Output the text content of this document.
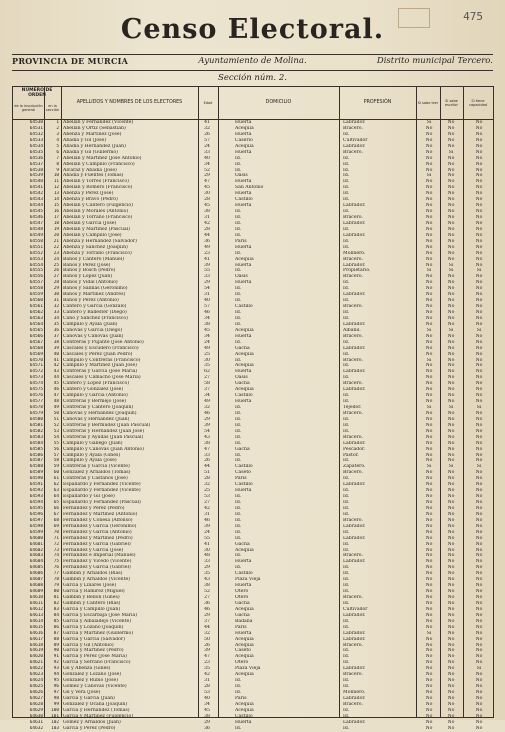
475
Censo Electoral.
PROVINCIA DE MURCIA	Ayuntamiento de Molina.	Distrito municipal Tercero.
Sección núm. 2.
NÚMERO DE ORDEN
de la inscripción general
en la sección
APELLIDOS Y NOMBRES DE LOS ELECTORES	Edad	DOMICILIO	PROFESIÓN	Si sabe leer
Si sabe escribir
Si tiene capacidad
64530	1 Abellán y Fernández (Vicente)	41	Huerta	Labrador.	Si	No	No
64531	2 Abellán y Ortiz (Sebastián)	32	Acequia	Bracero.	No	No	No
64532	3 Abenza y Martínez (José)	26	Huerta	Id.	No	No	No
64533	4 Abadía y Gil (José)	57	Caserío	Cultivador	No	No	No
64534	5 Abadía y Hernández (Juan)	24	Acequia	Labrador.	No	No	No
64535	6 Abadía y Gil (Gullermo)	33	Huerta	Bracero.	No	Si	No
64536	7 Abellán y Martínez (José Antonio)	40	Id.	Id.	No	No	No
64537	8 Abellán y Campillo (Francisco)	34	Id.	Id.	No	No	No
64538	9 Alcaraz y Abadía (José)	52	Id.	Id.	No	No	No
64539	10 Abadía y Fuentes (Tomás)	29	Oasis	Id.	Si	No	No
64540	11 Abellán y Torres (Francisco)	47	Huerta	Id.	No	No	No
64541	12 Abellán y Romero (Francisco)	45	San Antonio	Id.	No	No	No
64542	13 Abenza y Pérez (José)	30	Huerta	Id.	No	No	No
64543	14 Abenza y Bravo (Pedro)	28	Castillo	Id.	No	No	No
64544	15 Abellán y Cantero (Fulgencio)	45	Huerta	Labrador.	No	No	No
64545	16 Abellán y Morales (Antonio)	38	Id.	Id.	No	No	No
64546	17 Abellán y Torrano (Francisco)	31	Id.	Bracero.	No	No	No
64547	18 Abellán y García (José)	42	Id.	Labrador.	No	No	No
64548	19 Abellán y Martínez (Pascual)	28	Id.	Id.	No	No	No
64549	20 Abellán y Campillo (José)	44	Id.	Labrador.	No	No	No
64550	21 Abenza y Hernández (Salvador)	36	Paris	Id.	No	No	No
64551	22 Abenza y Sánchez (Joaquín)	49	Huerta	Id.	No	No	No
64552	23 Abenza y Torrano (Francisco)	23	Id.	Molinero.	No	No	No
64553	24 Baños y Cantero (Manuel)	41	Acequia	Bracero.	No	No	No
64554	25 Baños y Pérez (José)	39	Huerta	Labrador.	No	Si	No
64555	26 Baños y Bosch (Pedro)	55	Id.	Propietario.	Si	Si	Si
64556	27 Baños y López (Juan)	33	Oasis	Bracero.	No	No	No
64557	28 Baños y Vidal (Antonio)	29	Huerta	Id.	No	No	No
64558	29 Baños y Salinas (Gerónimo)	54	Id.	Id.	No	No	No
64559	30 Baños y Martínez (Andrés)	31	Id.	Labrador.	No	No	No
64560	31 Baños y Pérez (Antonio)	40	Id.	Id.	No	No	No
64561	32 Cantero y García (Gonzalo)	57	Castillo	Bracero.	No	No	No
64562	33 Cantero y Ballester (Diego)	46	Id.	Id.	No	No	No
64563	34 Cano y Sánchez (Francisco)	34	Id.	Id.	No	No	No
64564	35 Campillo y Ayala (Juan)	38	Id.	Labrador.	No	No	No
64565	36 Cánovas y García (Diego)	45	Acequia	Albañil.	Si	Si	Si
64566	37 Cánovas y Cánovas (Juan)	34	Huerta	Bracero.	No	No	No
64567	38 Contreras y Pujante (José Antonio)	24	Id.	Id.	No	No	No
64568	39 Cascales y Escudero (Francisco)	49	Gacha	Labrador.	No	No	No
64569	40 Cascales y Pérez (Juan Pedro)	25	Acequia	Id.	No	No	No
64570	41 Campillo y Contreras (Francisco)	30	Id.	Bracero.	Si	No	No
64571	42 Campillo y Martínez (Juan José)	35	Acequia	Id.	No	No	No
64572	43 Contreras y García (José María)	62	Huerta	Labrador.	No	No	No
64573	44 Cascales y Camacho (José María)	27	Oasis	Id.	No	No	No
64574	45 Cantero y López (Francisco)	58	Gacha	Bracero.	No	No	No
64575	46 Cantero y González (José)	37	Acequia	Labrador.	No	No	No
64576	47 Campillo y García (Antonio)	34	Castillo	Id.	No	No	No
64577	48 Contreras y Bermejo (José)	49	Huerta	Id.	No	No	No
64578	49 Contreras y Cantero (Joaquín)	32	Id.	Tejedor.	Si	Si	Si
64579	50 Cánovas y Hernández (Joaquín)	46	Id.	Bracero.	No	No	No
64580	51 Cánovas y Hernández (Juan)	29	Id.	Id.	No	No	No
64581	52 Contreras y Bermúdez (Juan Pascual)	39	Id.	Id.	No	No	No
64582	53 Contreras y Hernández (Juan José)	54	Id.	Id.	No	No	No
64583	54 Contreras y Ayudas (Juan Pascual)	43	Id.	Bracero.	No	No	No
64584	55 Campillo y Gallego (Juan)	38	Id.	Labrador.	No	No	No
64585	56 Campillo y Cánovas (Juan Antonio)	47	Gacha	Pescador.	No	No	No
64586	57 Campillo y Ayala (Ginés)	33	Id.	Pastor.	No	No	No
64587	58 Campillo y Ayala (José)	26	Id.	Id.	No	No	No
64588	59 Contreras y Garcia (Vicente)	44	Castillo	Zapatero.	Si	Si	Si
64589	60 Gonzalez y Arnaldos (Tomás)	51	Caseto	Bracero.	No	No	No
64590	61 Contreras y Castaños (José)	28	Paris	Id.	No	No	No
64591	62 Espallardo y Fernández (Vicente)	32	Castillo	Labrador.	No	No	No
64592	63 Espallardo y Fernández (Vicente)	25	Huerta	Id.	No	No	No
64593	64 Espallardo y Gil (José)	53	Id.	Id.	No	No	No
64594	65 Espallardo y Fernández (Pascual)	27	Id.	Id.	No	No	No
64595	66 Fernández y Pérez (Pedro)	42	Id.	Id.	No	No	No
64596	67 Fernández y Martínez (Antonio)	31	Id.	Id.	No	No	No
64597	68 Fernández y Conesa (Alfonso)	46	Id.	Bracero.	No	No	No
64598	69 Fernández y García (Gerónimo)	39	Id.	Labrador.	No	No	No
64599	70 Fernández y García (Antonio)	24	Id.	Id.	No	No	No
64600	71 Fernández y Martínez (Pedro)	55	Id.	Labrador.	No	No	No
64601	72 Fernández y Garcia (Gabriel)	41	Gacha	Id.	No	No	No
64602	73 Fernández y García (José)	30	Acequia	Id.	No	No	No
64603	74 Fernández e Imperial (Manuel)	48	Id.	Bracero.	No	No	No
64604	75 Fernández y Vicedo (Vicente)	33	Huerta	Labrador.	No	No	No
64605	76 Fernández y Garcia (Gabriel)	29	Id.	Id.	No	No	No
64606	77 Gambín y Arnaldos (Blas)	35	Castillo	Id.	No	No	No
64607	78 Gambín y Arnaldos (Vicente)	43	Plaza Vieja	Id.	No	No	No
64608	79 Garcia y Linares (José)	38	Huerta	Id.	No	No	No
64609	80 García y Ramírez (Miguel)	52	Otero	Id.	No	No	No
64610	81 Gambín y Bellón (Ginés)	27	Otero	Bracero.	No	No	No
64611	82 Gambín y Cantero (Blas)	36	Gacha	Id.	No	No	No
64612	83 Garcia y Campillo (Juan)	46	Acequia	Cultivador	No	No	No
64613	84 Garcia y Escarbaja (José María)	29	Gacha	Labrador.	No	No	No
64614	85 Garcia y Albaladejo (Vicente)	37	Badana	Id.	No	No	No
64615	86 García y Lozano (Joaquín)	44	Paris	Id.	No	No	No
64616	87 García y Martínez (Guillermo)	32	Huerta	Labrador.	Si	No	No
64617	88 García y Garcia (Salvador)	50	Acequia	Labrador.	No	No	No
64618	89 García y Gil (Antonio)	26	Acequia	Bracero.	No	No	No
64619	90 García y Martínez (Pedro)	39	Caseto	Id.	No	No	No
64620	91 García y Pérez (José María)	47	Acequia	Id.	No	No	No
64621	92 García y Serrano (Francisco)	23	Otero	Id.	No	No	No
64622	93 Gil y Abenza (Ginés)	35	Plaza Vieja	Labrador.	No	No	Si
64623	94 González y Lozano (José)	42	Acequia	Bracero.	No	No	No
64624	95 González y Rubio (José)	31	Id.	Id.	No	No	No
64625	96 Gomez y Cánovas (Vicente)	28	Id.	Id.	No	No	No
64626	97 Gil y Vera (José)	53	Id.	Molinero.	No	No	No
64627	98 García y García (Juan)	40	Paris	Labrador.	No	No	No
64628	99 González y Ocaña (Joaquín)	34	Acequia	Bracero.	No	No	No
64629	100 García y Hernández (Tomás)	45	Acequia	Id.	No	No	No
64630	101 García y Martínez (Fulgencio)	38	Castillo	Id.	No	No	No
64631	102 Gómez y Arnaldos (Juan)	29	Huerta	Labrador.	No	No	No
64632	103 García y Pérez (Pedro)	36	Id.	Id.	No	No	No
